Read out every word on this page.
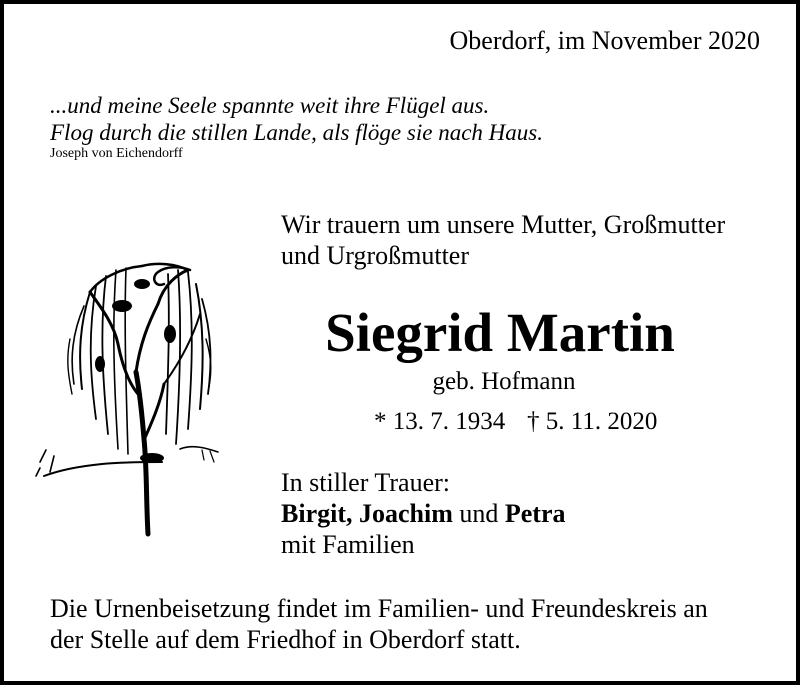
Oberdorf, im November 2020
...und meine Seele spannte weit ihre Flügel aus.
Flog durch die stillen Lande, als flöge sie nach Haus.
Joseph von Eichendorff
Wir trauern um unsere Mutter, Großmutter
und Urgroßmutter
Siegrid Martin
geb. Hofmann
* 13. 7. 1934 † 5. 11. 2020
In stiller Trauer:
Birgit, Joachim und Petra
mit Familien
Die Urnenbeisetzung findet im Familien- und Freundeskreis an
der Stelle auf dem Friedhof in Oberdorf statt.
